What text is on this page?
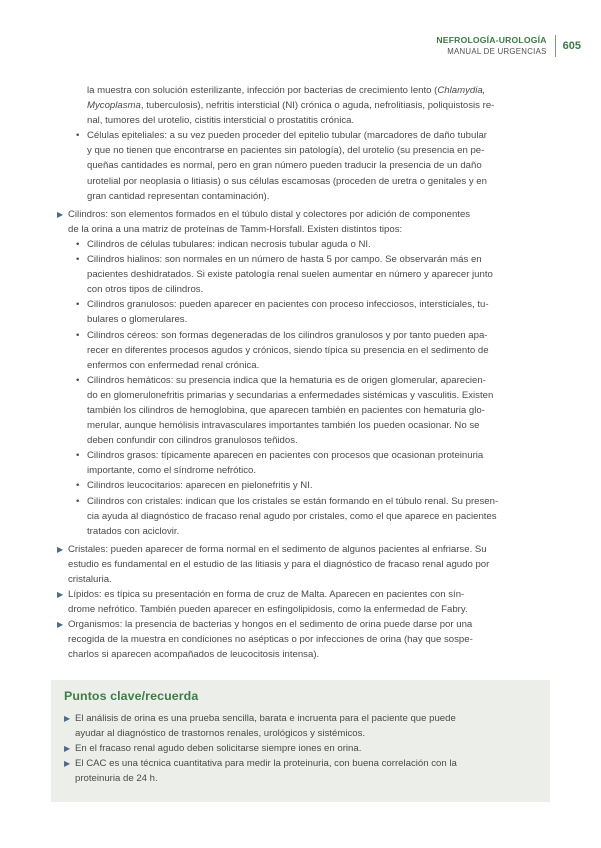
NEFROLOGÍA-UROLOGÍA
MANUAL DE URGENCIAS	605

la muestra con solución esterilizante, infección por bacterias de crecimiento lento (Chlamydia,
Mycoplasma, tuberculosis), nefritis intersticial (NI) crónica o aguda, nefrolitiasis, poliquistosis re-
nal, tumores del urotelio, cistitis intersticial o prostatitis crónica.

• Células epiteliales: a su vez pueden proceder del epitelio tubular (marcadores de daño tubular
y que no tienen que encontrarse en pacientes sin patología), del urotelio (su presencia en pe-
queñas cantidades es normal, pero en gran número pueden traducir la presencia de un daño
urotelial por neoplasia o litiasis) o sus células escamosas (proceden de uretra o genitales y en
gran cantidad representan contaminación).

▶
Cilindros: son elementos formados en el túbulo distal y colectores por adición de componentes
de la orina a una matriz de proteínas de Tamm-Horsfall. Existen distintos tipos:

• Cilindros de células tubulares: indican necrosis tubular aguda o NI.

• Cilindros hialinos: son normales en un número de hasta 5 por campo. Se observarán más en
pacientes deshidratados. Si existe patología renal suelen aumentar en número y aparecer junto
con otros tipos de cilindros.

• Cilindros granulosos: pueden aparecer en pacientes con proceso infecciosos, intersticiales, tu-
bulares o glomerulares.

• Cilindros céreos: son formas degeneradas de los cilindros granulosos y por tanto pueden apa-
recer en diferentes procesos agudos y crónicos, siendo típica su presencia en el sedimento de
enfermos con enfermedad renal crónica.

• Cilindros hemáticos: su presencia indica que la hematuria es de origen glomerular, aparecien-
do en glomerulonefritis primarias y secundarias a enfermedades sistémicas y vasculitis. Existen
también los cilindros de hemoglobina, que aparecen también en pacientes con hematuria glo-
merular, aunque hemólisis intravasculares importantes también los pueden ocasionar. No se
deben confundir con cilindros granulosos teñidos.

• Cilindros grasos: típicamente aparecen en pacientes con procesos que ocasionan proteinuria
importante, como el síndrome nefrótico.

• Cilindros leucocitarios: aparecen en pielonefritis y NI.

• Cilindros con cristales: indican que los cristales se están formando en el túbulo renal. Su presen-
cia ayuda al diagnóstico de fracaso renal agudo por cristales, como el que aparece en pacientes
tratados con aciclovir.

▶
Cristales: pueden aparecer de forma normal en el sedimento de algunos pacientes al enfriarse. Su
estudio es fundamental en el estudio de las litiasis y para el diagnóstico de fracaso renal agudo por
cristaluria.

▶
Lípidos: es típica su presentación en forma de cruz de Malta. Aparecen en pacientes con sín-
drome nefrótico. También pueden aparecer en esfingolipidosis, como la enfermedad de Fabry.

▶
Organismos: la presencia de bacterias y hongos en el sedimento de orina puede darse por una
recogida de la muestra en condiciones no asépticas o por infecciones de orina (hay que sospe-
charlos si aparecen acompañados de leucocitosis intensa).

Puntos clave/recuerda

▶
El análisis de orina es una prueba sencilla, barata e incruenta para el paciente que puede
ayudar al diagnóstico de trastornos renales, urológicos y sistémicos.

▶
En el fracaso renal agudo deben solicitarse siempre iones en orina.

▶
El CAC es una técnica cuantitativa para medir la proteinuria, con buena correlación con la
proteinuria de 24 h.
